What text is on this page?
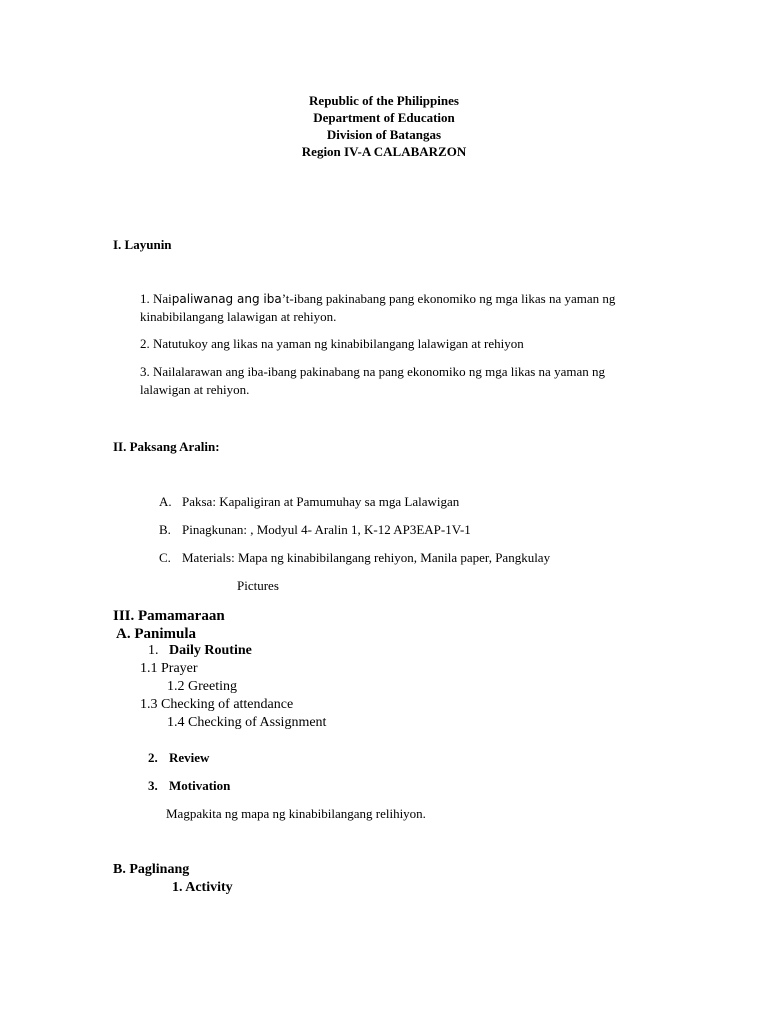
Republic of the Philippines
Department of Education
Division of Batangas
Region IV-A CALABARZON
I. Layunin
1. Naipaliwanag ang iba’t-ibang pakinabang pang ekonomiko ng mga likas na yaman ng
kinabibilangang lalawigan at rehiyon.
2. Natutukoy ang likas na yaman ng kinabibilangang lalawigan at rehiyon
3. Nailalarawan ang iba-ibang pakinabang na pang ekonomiko ng mga likas na yaman ng
lalawigan at rehiyon.
II. Paksang Aralin:
A. Paksa: Kapaligiran at Pamumuhay sa mga Lalawigan
B. Pinagkunan: , Modyul 4- Aralin 1, K-12 AP3EAP-1V-1
C. Materials: Mapa ng kinabibilangang rehiyon, Manila paper, Pangkulay
Pictures
III. Pamamaraan
A. Panimula
1. Daily Routine
1.1 Prayer
1.2 Greeting
1.3 Checking of attendance
1.4 Checking of Assignment
2. Review
3. Motivation
Magpakita ng mapa ng kinabibilangang relihiyon.
B. Paglinang
1. Activity
